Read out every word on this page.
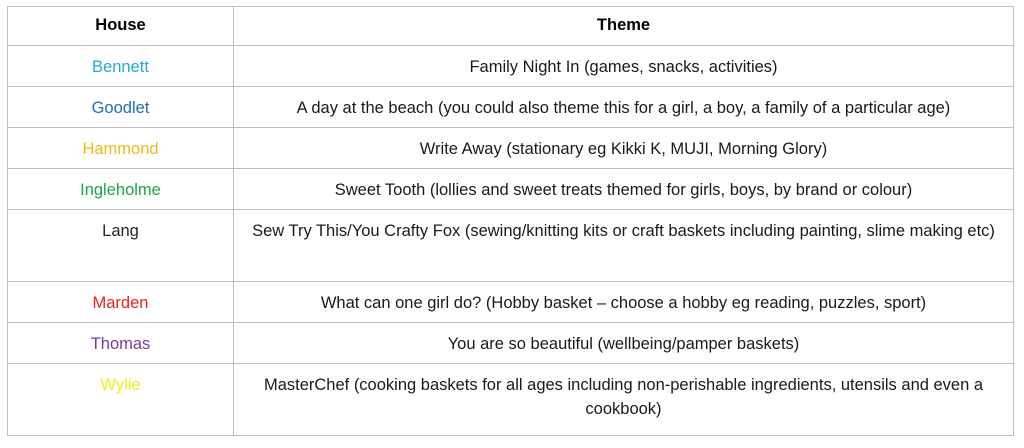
House	Theme
Bennett	Family Night In (games, snacks, activities)
Goodlet	A day at the beach (you could also theme this for a girl, a boy, a family of a particular age)
Hammond	Write Away (stationary eg Kikki K, MUJI, Morning Glory)
Ingleholme	Sweet Tooth (lollies and sweet treats themed for girls, boys, by brand or colour)
Lang	Sew Try This/You Crafty Fox (sewing/knitting kits or craft baskets including painting, slime making etc)
Marden	What can one girl do? (Hobby basket – choose a hobby eg reading, puzzles, sport)
Thomas	You are so beautiful (wellbeing/pamper baskets)
Wylie	MasterChef (cooking baskets for all ages including non-perishable ingredients, utensils and even a cookbook)
